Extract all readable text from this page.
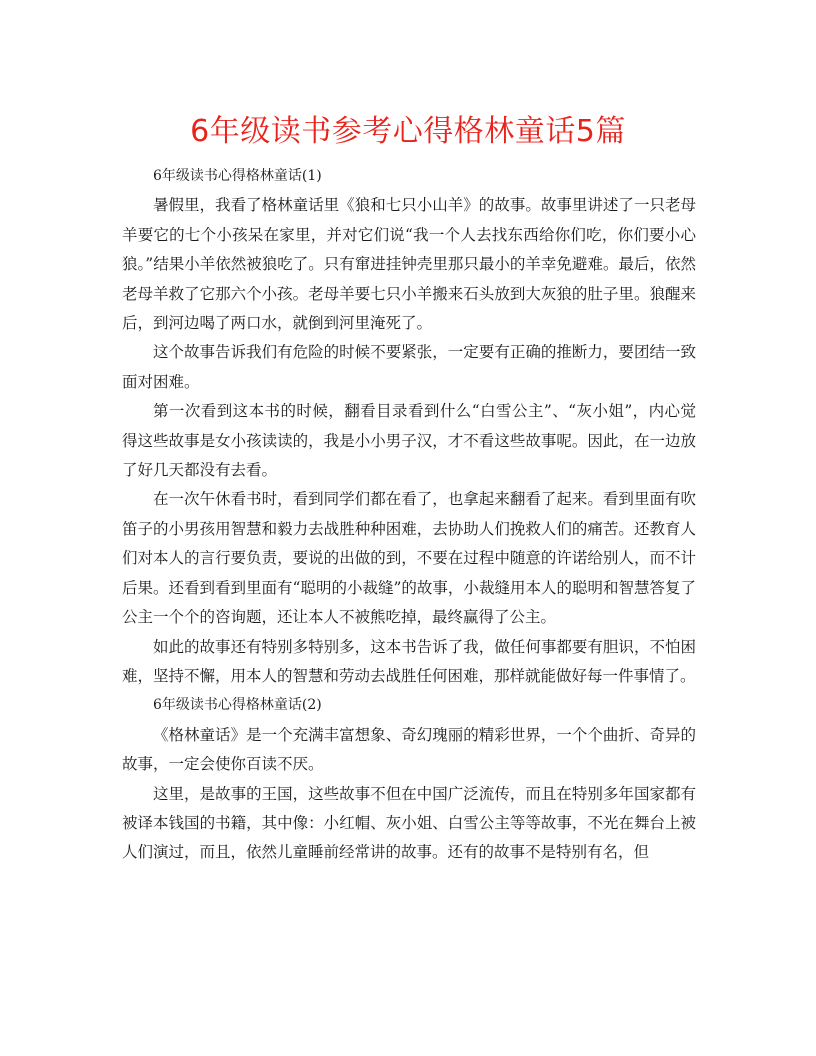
6年级读书参考心得格林童话5篇

6年级读书心得格林童话(1)

暑假里，我看了格林童话里《狼和七只小山羊》的故事。故事里讲述了一只老母羊要它的七个小孩呆在家里，并对它们说“我一个人去找东西给你们吃，你们要小心狼。”结果小羊依然被狼吃了。只有窜进挂钟壳里那只最小的羊幸免避难。最后，依然老母羊救了它那六个小孩。老母羊要七只小羊搬来石头放到大灰狼的肚子里。狼醒来后，到河边喝了两口水，就倒到河里淹死了。

这个故事告诉我们有危险的时候不要紧张，一定要有正确的推断力，要团结一致面对困难。

第一次看到这本书的时候，翻看目录看到什么“白雪公主”、“灰小姐”，内心觉得这些故事是女小孩读读的，我是小小男子汉，才不看这些故事呢。因此，在一边放了好几天都没有去看。

在一次午休看书时，看到同学们都在看了，也拿起来翻看了起来。看到里面有吹笛子的小男孩用智慧和毅力去战胜种种困难，去协助人们挽救人们的痛苦。还教育人们对本人的言行要负责，要说的出做的到，不要在过程中随意的许诺给别人，而不计后果。还看到看到里面有“聪明的小裁缝”的故事，小裁缝用本人的聪明和智慧答复了公主一个个的咨询题，还让本人不被熊吃掉，最终赢得了公主。

如此的故事还有特别多特别多，这本书告诉了我，做任何事都要有胆识，不怕困难，坚持不懈，用本人的智慧和劳动去战胜任何困难，那样就能做好每一件事情了。

6年级读书心得格林童话(2)

《格林童话》是一个充满丰富想象、奇幻瑰丽的精彩世界，一个个曲折、奇异的故事，一定会使你百读不厌。

这里，是故事的王国，这些故事不但在中国广泛流传，而且在特别多年国家都有被译本钱国的书籍，其中像：小红帽、灰小姐、白雪公主等等故事，不光在舞台上被人们演过，而且，依然儿童睡前经常讲的故事。还有的故事不是特别有名，但
